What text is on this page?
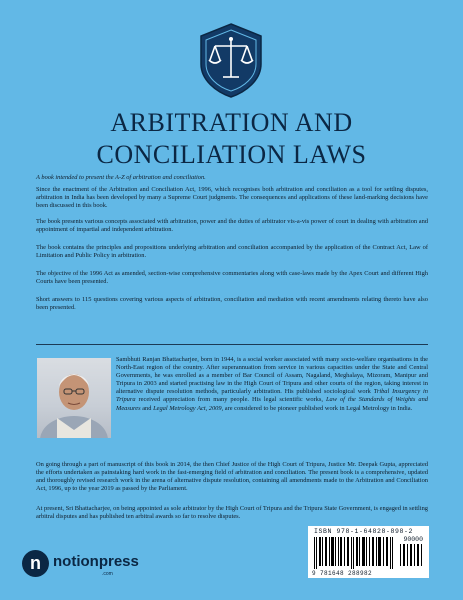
ARBITRATION AND
CONCILIATION LAWS

A book intended to present the A-Z of arbitration and conciliation.

Since the enactment of the Arbitration and Conciliation Act, 1996, which recognises both arbitration and conciliation as a tool for settling disputes, arbitration in India has been developed by many a Supreme Court judgments. The consequences and applications of these land-marking decisions have been discussed in this book.

The book presents various concepts associated with arbitration, power and the duties of arbitrator vis-a-vis power of court in dealing with arbitration and appointment of impartial and independent arbitration.

The book contains the principles and propositions underlying arbitration and conciliation accompanied by the application of the Contract Act, Law of Limitation and Public Policy in arbitration.

The objective of the 1996 Act as amended, section-wise comprehensive commentaries along with case-laws made by the Apex Court and different High Courts have been presented.

Short answers to 115 questions covering various aspects of arbitration, conciliation and mediation with recent amendments relating thereto have also been presented.

Sambhuti Ranjan Bhattacharjee, born in 1944, is a social worker associated with many socio-welfare organisations in the North-East region of the country. After superannuation from service in various capacities under the State and Central Governments, he was enrolled as a member of Bar Council of Assam, Nagaland, Meghalaya, Mizoram, Manipur and Tripura in 2003 and started practising law in the High Court of Tripura and other courts of the region, taking interest in alternative dispute resolution methods, particularly arbitration. His published sociological work Tribal Insurgency in Tripura received appreciation from many people. His legal scientific works, Law of the Standards of Weights and Measures and Legal Metrology Act, 2009, are considered to be pioneer published work in Legal Metrology in India.

On going through a part of manuscript of this book in 2014, the then Chief Justice of the High Court of Tripura, Justice Mr. Deepak Gupta, appreciated the efforts undertaken as painstaking hard work in the fast-emerging field of arbitration and conciliation. The present book is a comprehensive, updated and thoroughly revised research work in the arena of alternative dispute resolution, containing all amendments made to the Arbitration and Conciliation Act, 1996, up to the year 2019 as passed by the Parliament.

At present, Sri Bhattacharjee, on being appointed as sole arbitrator by the High Court of Tripura and the Tripura State Government, is engaged in settling arbitral disputes and has published ten arbitral awards so far to resolve disputes.

ISBN 978-1-64828-898-2
90000
9 781648 288982
n notionpress
.com
